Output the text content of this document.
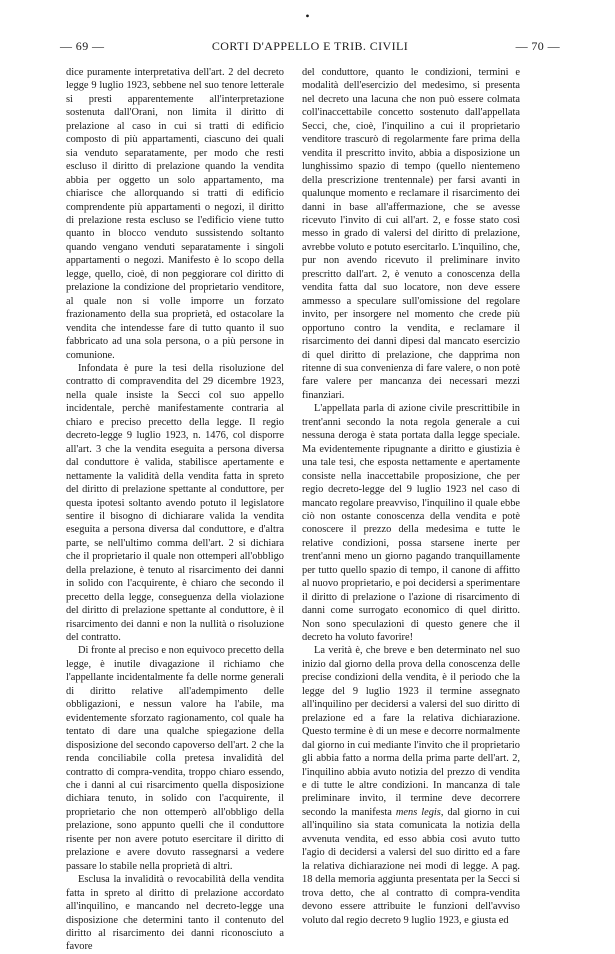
•
— 69 —	CORTI D'APPELLO E TRIB. CIVILI	— 70 —

dice puramente interpretativa dell'art. 2 del decreto legge 9 luglio 1923, sebbene nel suo tenore letterale si presti apparentemente all'interpretazione sostenuta dall'Orani, non limita il diritto di prelazione al caso in cui si tratti di edificio composto di più appartamenti, ciascuno dei quali sia venduto separatamente, per modo che resti escluso il diritto di prelazione quando la vendita abbia per oggetto un solo appartamento, ma chiarisce che allorquando si tratti di edificio comprendente più appartamenti o negozi, il diritto di prelazione resta escluso se l'edificio viene tutto quanto in blocco venduto sussistendo soltanto quando vengano venduti separatamente i singoli appartamenti o negozi. Manifesto è lo scopo della legge, quello, cioè, di non peggiorare col diritto di prelazione la condizione del proprietario venditore, al quale non si volle imporre un forzato frazionamento della sua proprietà, ed ostacolare la vendita che intendesse fare di tutto quanto il suo fabbricato ad una sola persona, o a più persone in comunione.

Infondata è pure la tesi della risoluzione del contratto di compravendita del 29 dicembre 1923, nella quale insiste la Secci col suo appello incidentale, perchè manifestamente contraria al chiaro e preciso precetto della legge. Il regio decreto-legge 9 luglio 1923, n. 1476, col disporre all'art. 3 che la vendita eseguita a persona diversa dal conduttore è valida, stabilisce apertamente e nettamente la validità della vendita fatta in spreto del diritto di prelazione spettante al conduttore, per questa ipotesi soltanto avendo potuto il legislatore sentire il bisogno di dichiarare valida la vendita eseguita a persona diversa dal conduttore, e d'altra parte, se nell'ultimo comma dell'art. 2 si dichiara che il proprietario il quale non ottemperi all'obbligo della prelazione, è tenuto al risarcimento dei danni in solido con l'acquirente, è chiaro che secondo il precetto della legge, conseguenza della violazione del diritto di prelazione spettante al conduttore, è il risarcimento dei danni e non la nullità o risoluzione del contratto.

Di fronte al preciso e non equivoco precetto della legge, è inutile divagazione il richiamo che l'appellante incidentalmente fa delle norme generali di diritto relative all'adempimento delle obbligazioni, e nessun valore ha l'abile, ma evidentemente sforzato ragionamento, col quale ha tentato di dare una qualche spiegazione della disposizione del secondo capoverso dell'art. 2 che la renda conciliabile colla pretesa invalidità del contratto di compra-vendita, troppo chiaro essendo, che i danni al cui risarcimento quella disposizione dichiara tenuto, in solido con l'acquirente, il proprietario che non ottemperò all'obbligo della prelazione, sono appunto quelli che il conduttore risente per non avere potuto esercitare il diritto di prelazione e avere dovuto rassegnarsi a vedere passare lo stabile nella proprietà di altri.

Esclusa la invalidità o revocabilità della vendita fatta in spreto al diritto di prelazione accordato all'inquilino, e mancando nel decreto-legge una disposizione che determini tanto il contenuto del diritto al risarcimento dei danni riconosciuto a favore

del conduttore, quanto le condizioni, termini e modalità dell'esercizio del medesimo, si presenta nel decreto una lacuna che non può essere colmata coll'inaccettabile concetto sostenuto dall'appellata Secci, che, cioè, l'inquilino a cui il proprietario venditore trascurò di regolarmente fare prima della vendita il prescritto invito, abbia a disposizione un lunghissimo spazio di tempo (quello nientemeno della prescrizione trentennale) per farsi avanti in qualunque momento e reclamare il risarcimento dei danni in base all'affermazione, che se avesse ricevuto l'invito di cui all'art. 2, e fosse stato così messo in grado di valersi del diritto di prelazione, avrebbe voluto e potuto esercitarlo. L'inquilino, che, pur non avendo ricevuto il preliminare invito prescritto dall'art. 2, è venuto a conoscenza della vendita fatta dal suo locatore, non deve essere ammesso a speculare sull'omissione del regolare invito, per insorgere nel momento che crede più opportuno contro la vendita, e reclamare il risarcimento dei danni dipesi dal mancato esercizio di quel diritto di prelazione, che dapprima non ritenne di sua convenienza di fare valere, o non potè fare valere per mancanza dei necessari mezzi finanziari.

L'appellata parla di azione civile prescrittibile in trent'anni secondo la nota regola generale a cui nessuna deroga è stata portata dalla legge speciale. Ma evidentemente ripugnante a diritto e giustizia è una tale tesi, che esposta nettamente e apertamente consiste nella inaccettabile proposizione, che per regio decreto-legge del 9 luglio 1923 nel caso di mancato regolare preavviso, l'inquilino il quale ebbe ciò non ostante conoscenza della vendita e potè conoscere il prezzo della medesima e tutte le relative condizioni, possa starsene inerte per trent'anni meno un giorno pagando tranquillamente per tutto quello spazio di tempo, il canone di affitto al nuovo proprietario, e poi decidersi a sperimentare il diritto di prelazione o l'azione di risarcimento di danni come surrogato economico di quel diritto. Non sono speculazioni di questo genere che il decreto ha voluto favorire!

La verità è, che breve e ben determinato nel suo inizio dal giorno della prova della conoscenza delle precise condizioni della vendita, è il periodo che la legge del 9 luglio 1923 il termine assegnato all'inquilino per decidersi a valersi del suo diritto di prelazione ed a fare la relativa dichiarazione. Questo termine è di un mese e decorre normalmente dal giorno in cui mediante l'invito che il proprietario gli abbia fatto a norma della prima parte dell'art. 2, l'inquilino abbia avuto notizia del prezzo di vendita e di tutte le altre condizioni. In mancanza di tale preliminare invito, il termine deve decorrere secondo la manifesta mens legis, dal giorno in cui all'inquilino sia stata comunicata la notizia della avvenuta vendita, ed esso abbia così avuto tutto l'agio di decidersi a valersi del suo diritto ed a fare la relativa dichiarazione nei modi di legge. A pag. 18 della memoria aggiunta presentata per la Secci si trova detto, che al contratto di compra-vendita devono essere attribuite le funzioni dell'avviso voluto dal regio decreto 9 luglio 1923, e giusta ed
